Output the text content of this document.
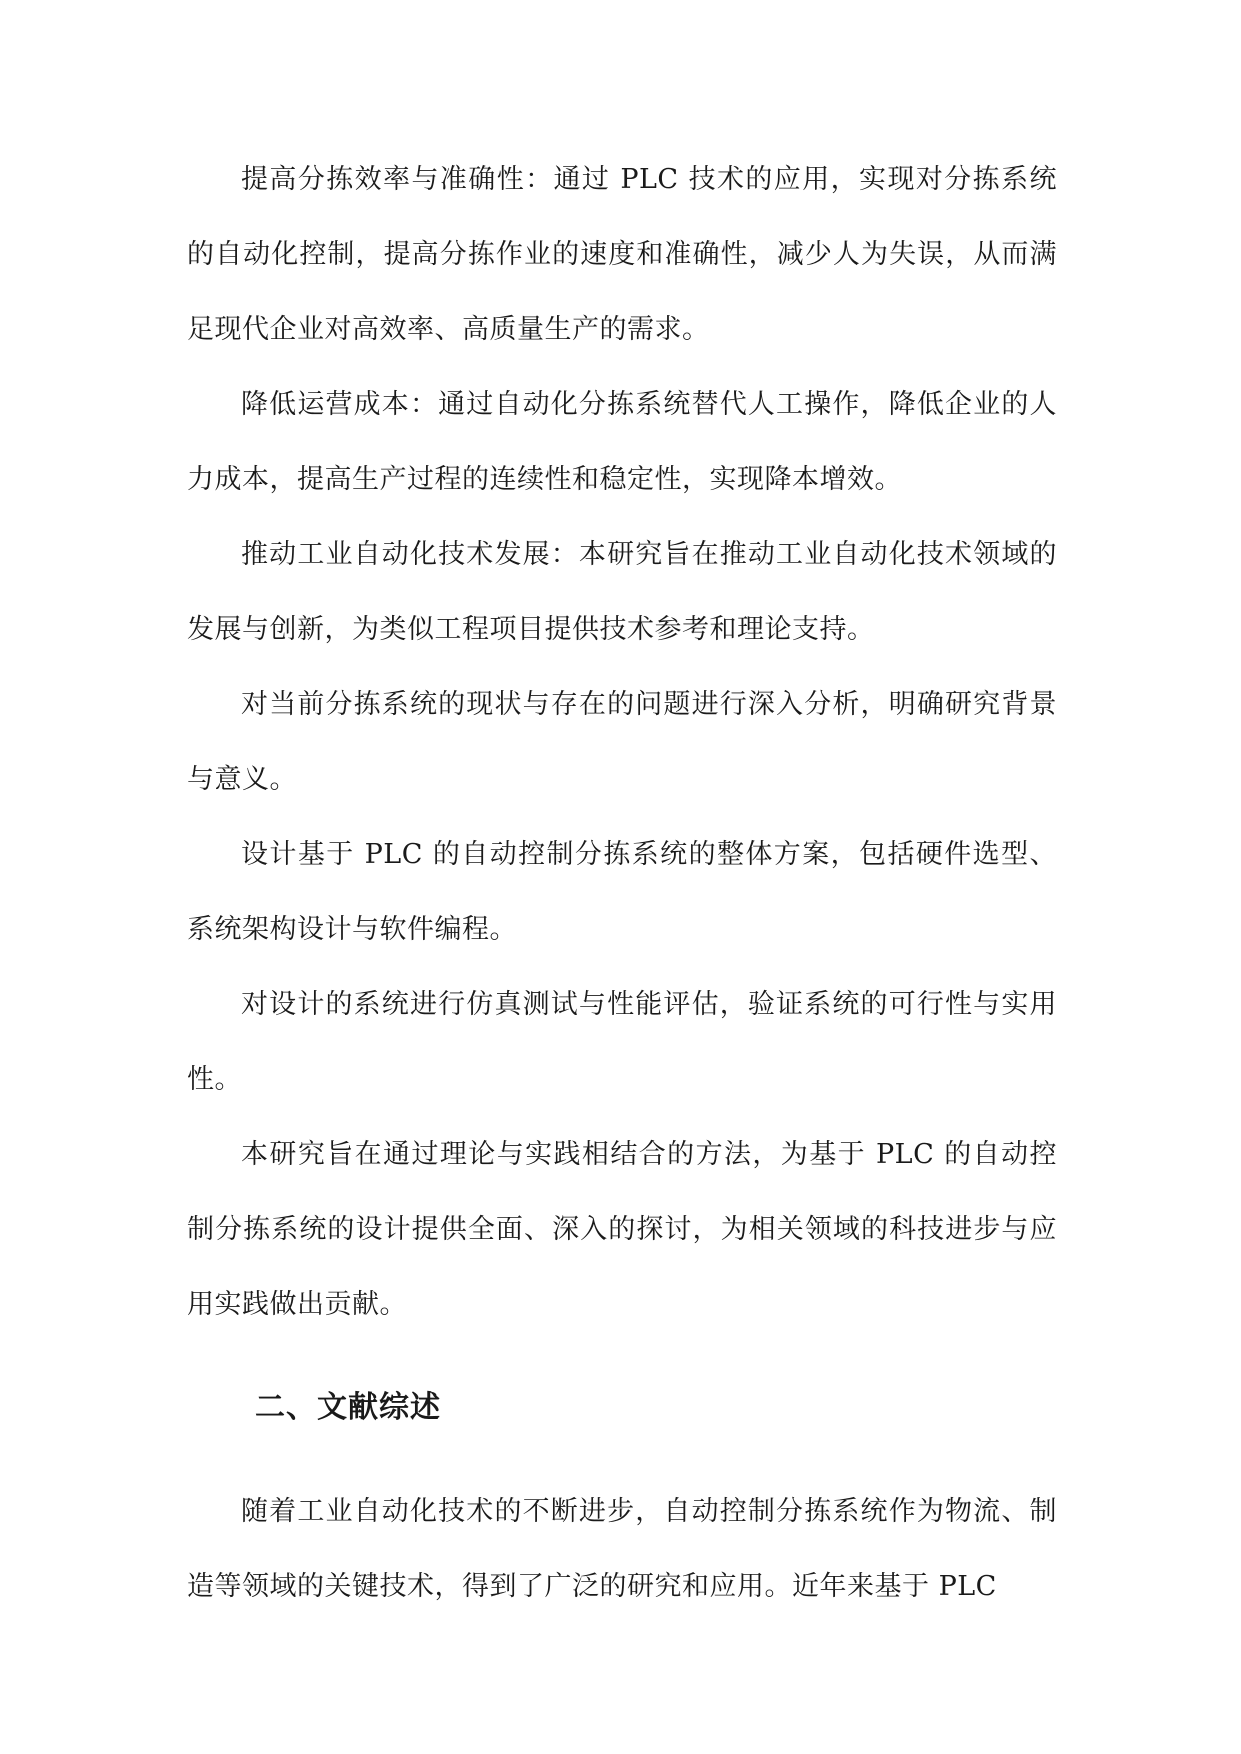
提高分拣效率与准确性：通过 PLC 技术的应用，实现对分拣系统的自动化控制，提高分拣作业的速度和准确性，减少人为失误，从而满足现代企业对高效率、高质量生产的需求。

降低运营成本：通过自动化分拣系统替代人工操作，降低企业的人力成本，提高生产过程的连续性和稳定性，实现降本增效。

推动工业自动化技术发展：本研究旨在推动工业自动化技术领域的发展与创新，为类似工程项目提供技术参考和理论支持。

对当前分拣系统的现状与存在的问题进行深入分析，明确研究背景与意义。

设计基于 PLC 的自动控制分拣系统的整体方案，包括硬件选型、系统架构设计与软件编程。

对设计的系统进行仿真测试与性能评估，验证系统的可行性与实用性。

本研究旨在通过理论与实践相结合的方法，为基于 PLC 的自动控制分拣系统的设计提供全面、深入的探讨，为相关领域的科技进步与应用实践做出贡献。

二、文献综述

随着工业自动化技术的不断进步，自动控制分拣系统作为物流、制造等领域的关键技术，得到了广泛的研究和应用。近年来基于 PLC
